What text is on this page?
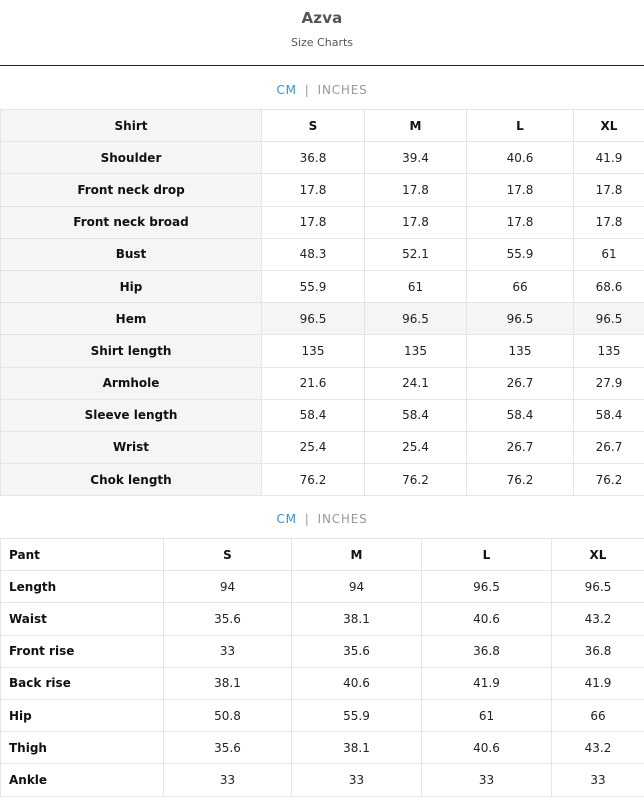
Azva
Size Charts
CM | INCHES
Shirt	S	M	L	XL
Shoulder	36.8	39.4	40.6	41.9
Front neck drop	17.8	17.8	17.8	17.8
Front neck broad	17.8	17.8	17.8	17.8
Bust	48.3	52.1	55.9	61
Hip	55.9	61	66	68.6
Hem	96.5	96.5	96.5	96.5
Shirt length	135	135	135	135
Armhole	21.6	24.1	26.7	27.9
Sleeve length	58.4	58.4	58.4	58.4
Wrist	25.4	25.4	26.7	26.7
Chok length	76.2	76.2	76.2	76.2
CM | INCHES
Pant	S	M	L	XL
Length	94	94	96.5	96.5
Waist	35.6	38.1	40.6	43.2
Front rise	33	35.6	36.8	36.8
Back rise	38.1	40.6	41.9	41.9
Hip	50.8	55.9	61	66
Thigh	35.6	38.1	40.6	43.2
Ankle	33	33	33	33
